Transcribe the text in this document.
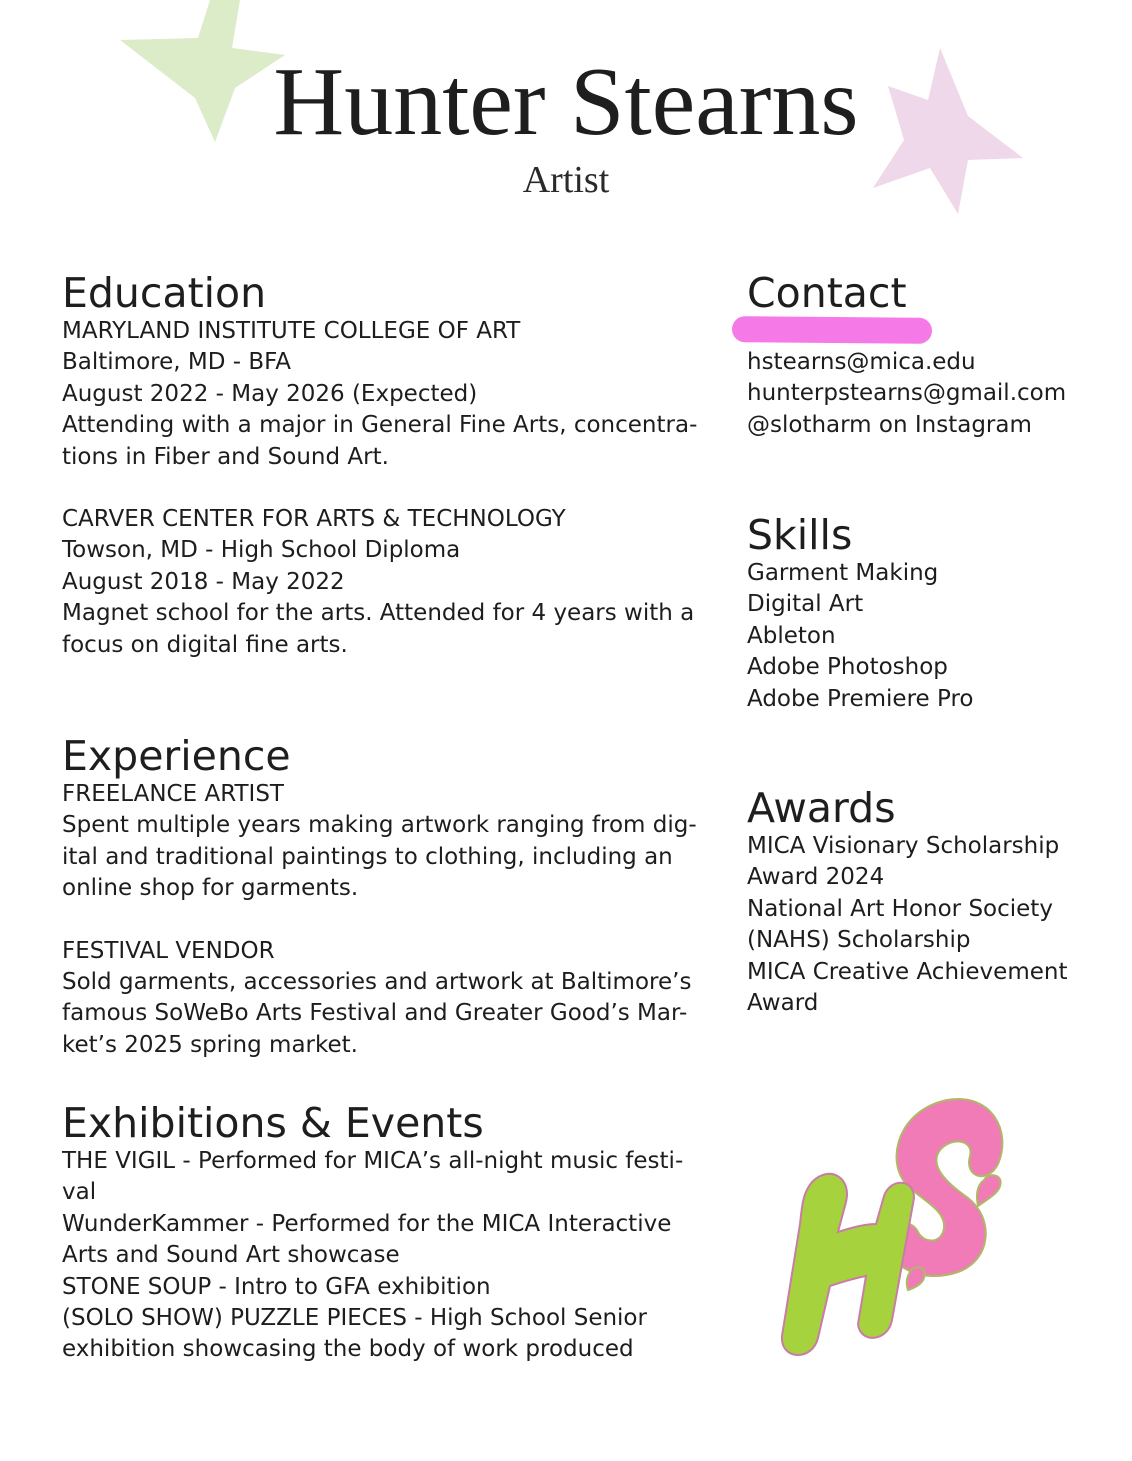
Hunter Stearns
Artist
Education
MARYLAND INSTITUTE COLLEGE OF ART
Baltimore, MD - BFA
August 2022 - May 2026 (Expected)
Attending with a major in General Fine Arts, concentra-
tions in Fiber and Sound Art.
CARVER CENTER FOR ARTS & TECHNOLOGY
Towson, MD - High School Diploma
August 2018 - May 2022
Magnet school for the arts. Attended for 4 years with a
focus on digital fine arts.
Experience
FREELANCE ARTIST
Spent multiple years making artwork ranging from dig-
ital and traditional paintings to clothing, including an
online shop for garments.
FESTIVAL VENDOR
Sold garments, accessories and artwork at Baltimore’s
famous SoWeBo Arts Festival and Greater Good’s Mar-
ket’s 2025 spring market.
Exhibitions & Events
THE VIGIL - Performed for MICA’s all-night music festi-
val
WunderKammer - Performed for the MICA Interactive
Arts and Sound Art showcase
STONE SOUP - Intro to GFA exhibition
(SOLO SHOW) PUZZLE PIECES - High School Senior
exhibition showcasing the body of work produced
Contact
hstearns@mica.edu
hunterpstearns@gmail.com
@slotharm on Instagram
Skills
Garment Making
Digital Art
Ableton
Adobe Photoshop
Adobe Premiere Pro
Awards
MICA Visionary Scholarship
Award 2024
National Art Honor Society
(NAHS) Scholarship
MICA Creative Achievement
Award
